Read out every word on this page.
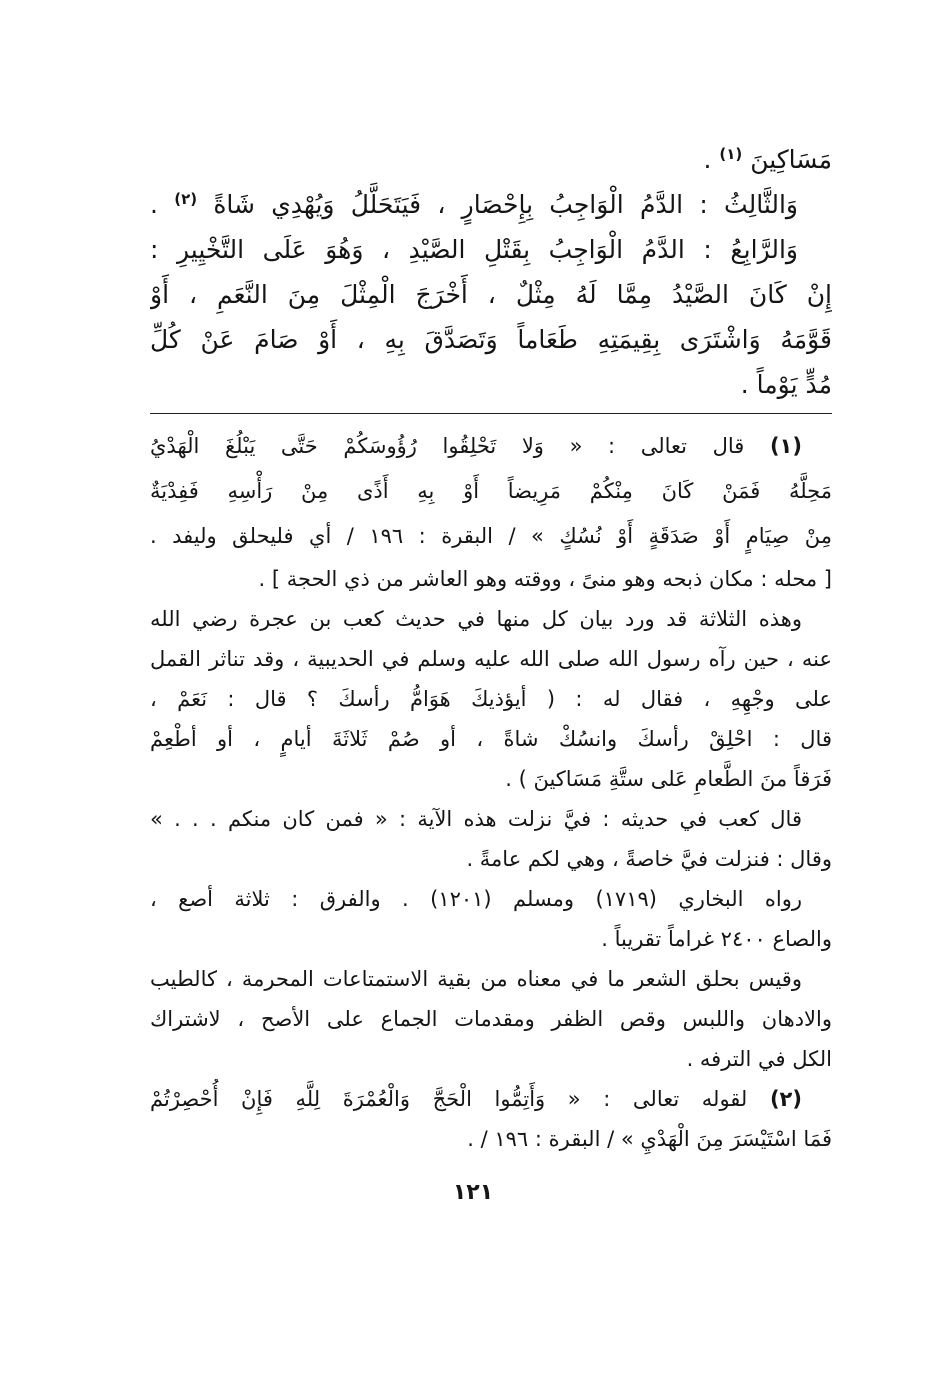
مَسَاكِينَ $^{(١)}$ .
وَالثَّالِثُ : الدَّمُ الْوَاجِبُ بِإِحْصَارٍ ، فَيَتَحَلَّلُ وَيُهْدِي شَاةً $^{(٢)}$ .
وَالرَّابِعُ : الدَّمُ الْوَاجِبُ بِقَتْلِ الصَّيْدِ ، وَهُوَ عَلَى التَّخْيِيرِ :
إِنْ كَانَ الصَّيْدُ مِمَّا لَهُ مِثْلٌ ، أَخْرَجَ الْمِثْلَ مِنَ النَّعَمِ ، أَوْ
قَوَّمَهُ وَاشْتَرَى بِقِيمَتِهِ طَعَاماً وَتَصَدَّقَ بِهِ ، أَوْ صَامَ عَنْ كُلِّ
مُدٍّ يَوْماً .
(١) قال تعالى : « وَلا تَحْلِقُوا رُؤُوسَكُمْ حَتَّى يَبْلُغَ الْهَدْيُ
مَحِلَّهُ فَمَنْ كَانَ مِنْكُمْ مَرِيضاً أَوْ بِهِ أَذًى مِنْ رَأْسِهِ فَفِدْيَةٌ
مِنْ صِيَامٍ أَوْ صَدَقَةٍ أَوْ نُسُكٍ » / البقرة : ١٩٦ / أي فليحلق وليفد .
[ محله : مكان ذبحه وهو منىً ، ووقته وهو العاشر من ذي الحجة ] .
وهذه الثلاثة قد ورد بيان كل منها في حديث كعب بن عجرة رضي الله
عنه ، حين رآه رسول الله صلى الله عليه وسلم في الحديبية ، وقد تناثر القمل
على وجْهِهِ ، فقال له : ( أيؤذيكَ هَوَامُّ رأسكَ ؟ قال : نَعَمْ ،
قال : احْلِقْ رأسكَ وانسُكْ شاةً ، أو صُمْ ثَلاثَةَ أيامٍ ، أو أطْعِمْ
فَرَقاً منَ الطَّعامِ عَلى ستَّةِ مَسَاكينَ ) .
قال كعب في حديثه : فيَّ نزلت هذه الآية : « فمن كان منكم . . . »
وقال : فنزلت فيَّ خاصةً ، وهي لكم عامةً .
رواه البخاري (١٧١٩) ومسلم (١٢٠١) . والفرق : ثلاثة أصع ،
والصاع ٢٤٠٠ غراماً تقريباً .
وقيس بحلق الشعر ما في معناه من بقية الاستمتاعات المحرمة ، كالطيب
والادهان واللبس وقص الظفر ومقدمات الجماع على الأصح ، لاشتراك
الكل في الترفه .
(٢) لقوله تعالى : « وَأَتِمُّوا الْحَجَّ وَالْعُمْرَةَ لِلَّهِ فَإِنْ أُحْصِرْتُمْ
فَمَا اسْتَيْسَرَ مِنَ الْهَدْيِ » / البقرة : ١٩٦ / .
١٢١
